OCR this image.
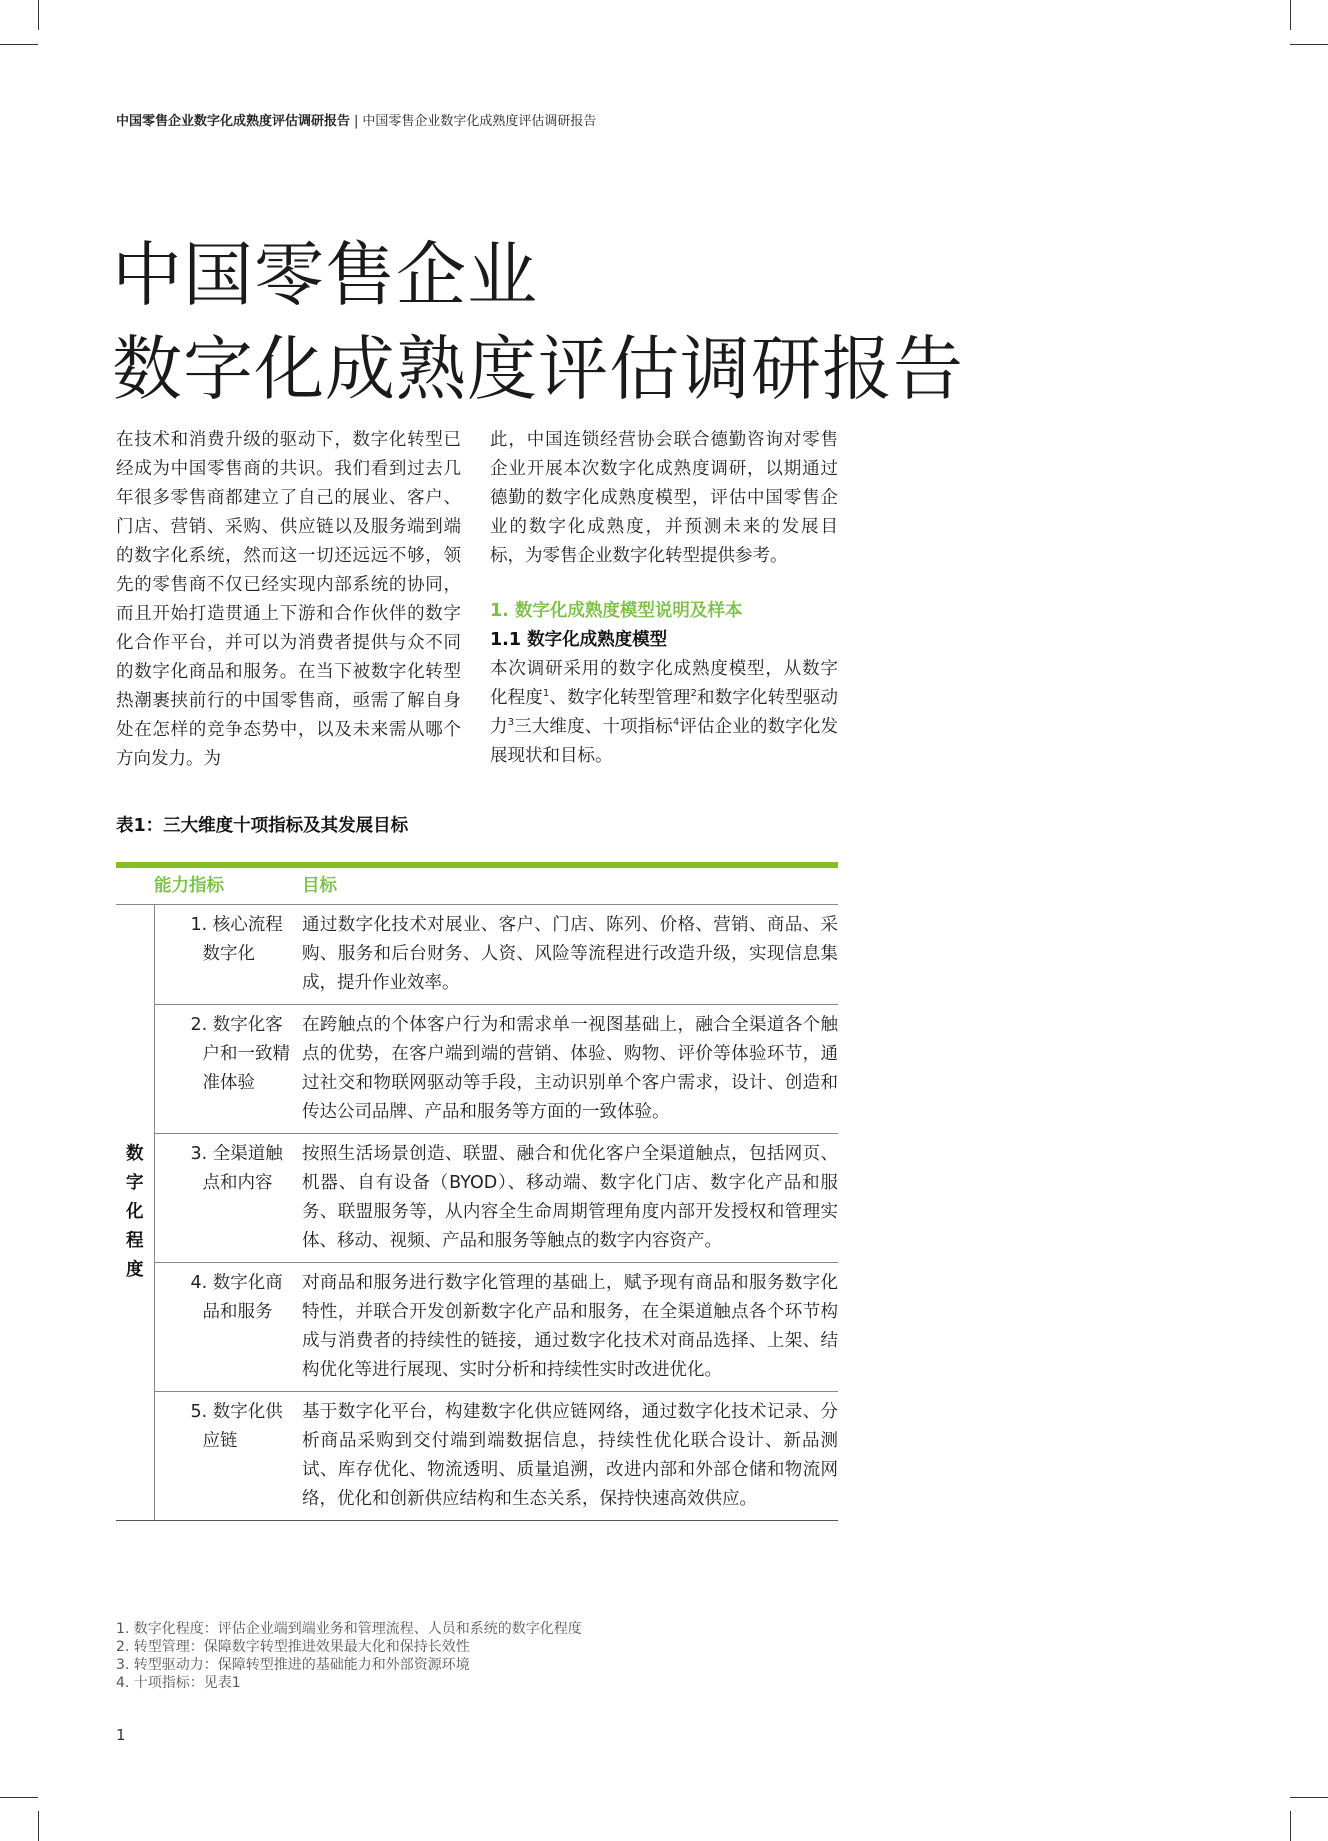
中国零售企业数字化成熟度评估调研报告 | 中国零售企业数字化成熟度评估调研报告
中国零售企业
数字化成熟度评估调研报告

在技术和消费升级的驱动下，数字化转型已经成为中国零售商的共识。我们看到过去几年很多零售商都建立了自己的展业、客户、门店、营销、采购、供应链以及服务端到端的数字化系统，然而这一切还远远不够，领先的零售商不仅已经实现内部系统的协同，而且开始打造贯通上下游和合作伙伴的数字化合作平台，并可以为消费者提供与众不同的数字化商品和服务。在当下被数字化转型热潮裹挟前行的中国零售商，亟需了解自身处在怎样的竞争态势中，以及未来需从哪个方向发力。为

此，中国连锁经营协会联合德勤咨询对零售企业开展本次数字化成熟度调研，以期通过德勤的数字化成熟度模型，评估中国零售企业的数字化成熟度，并预测未来的发展目标，为零售企业数字化转型提供参考。

1. 数字化成熟度模型说明及样本

1.1 数字化成熟度模型

本次调研采用的数字化成熟度模型，从数字化程度$^1$、数字化转型管理$^2$和数字化转型驱动力$^3$三大维度、十项指标$^4$评估企业的数字化发展现状和目标。

表1：三大维度十项指标及其发展目标
	能力指标	目标
数字化程度	1. 核心流程数字化	通过数字化技术对展业、客户、门店、陈列、价格、营销、商品、采购、服务和后台财务、人资、风险等流程进行改造升级，实现信息集成，提升作业效率。
	2. 数字化客户和一致精准体验	在跨触点的个体客户行为和需求单一视图基础上，融合全渠道各个触点的优势，在客户端到端的营销、体验、购物、评价等体验环节，通过社交和物联网驱动等手段，主动识别单个客户需求，设计、创造和传达公司品牌、产品和服务等方面的一致体验。
	3. 全渠道触点和内容	按照生活场景创造、联盟、融合和优化客户全渠道触点，包括网页、机器、自有设备（BYOD）、移动端、数字化门店、数字化产品和服务、联盟服务等，从内容全生命周期管理角度内部开发授权和管理实体、移动、视频、产品和服务等触点的数字内容资产。
	4. 数字化商品和服务	对商品和服务进行数字化管理的基础上，赋予现有商品和服务数字化特性，并联合开发创新数字化产品和服务，在全渠道触点各个环节构成与消费者的持续性的链接，通过数字化技术对商品选择、上架、结构优化等进行展现、实时分析和持续性实时改进优化。
	5. 数字化供应链	基于数字化平台，构建数字化供应链网络，通过数字化技术记录、分析商品采购到交付端到端数据信息，持续性优化联合设计、新品测试、库存优化、物流透明、质量追溯，改进内部和外部仓储和物流网络，优化和创新供应结构和生态关系，保持快速高效供应。
1. 数字化程度：评估企业端到端业务和管理流程、人员和系统的数字化程度
2. 转型管理：保障数字转型推进效果最大化和保持长效性
3. 转型驱动力：保障转型推进的基础能力和外部资源环境
4. 十项指标：见表1
1
